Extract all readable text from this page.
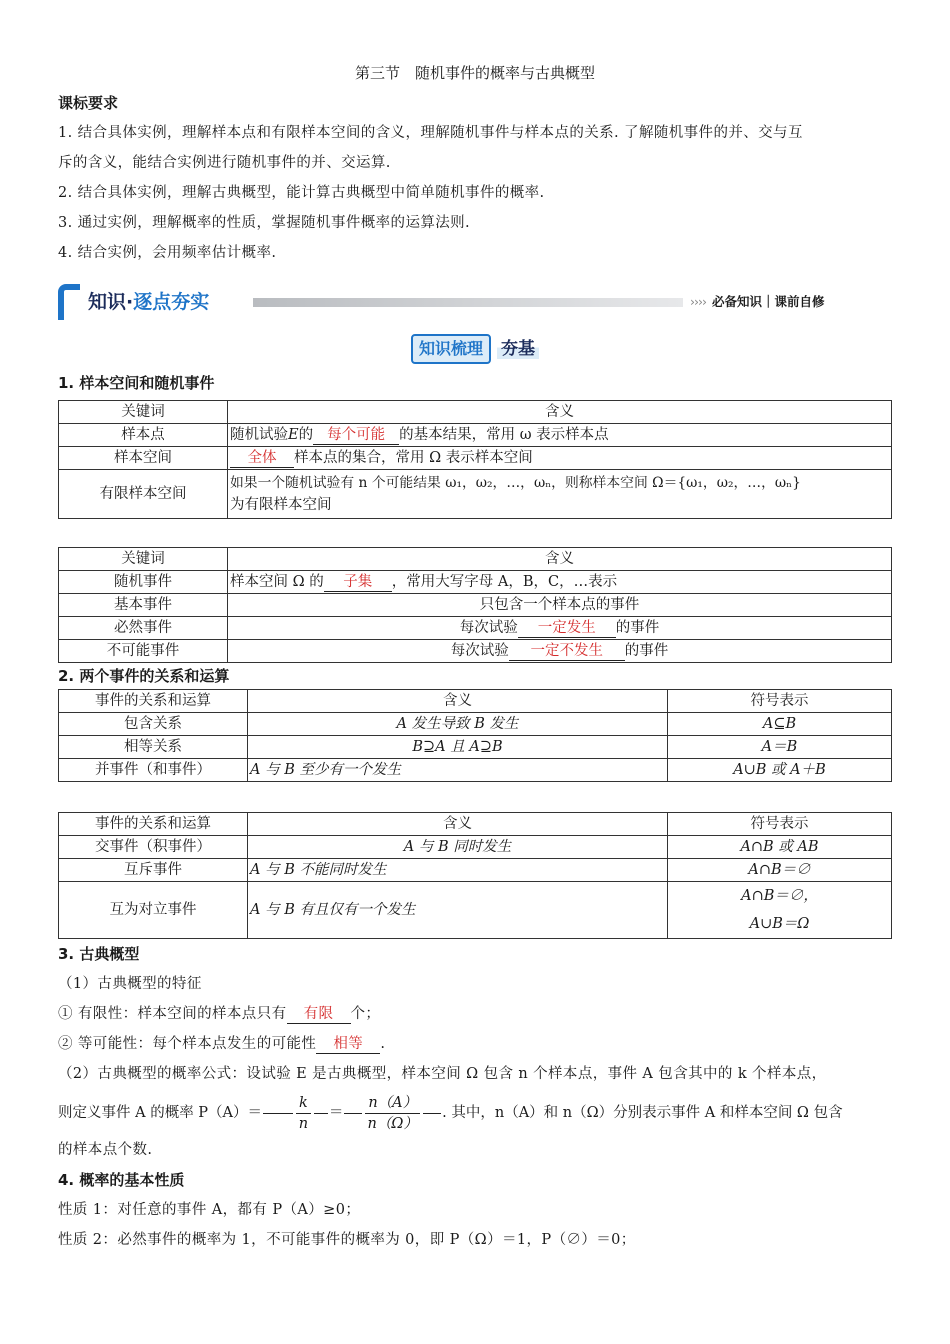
第三节　随机事件的概率与古典概型
课标要求
1. 结合具体实例，理解样本点和有限样本空间的含义，理解随机事件与样本点的关系. 了解随机事件的并、交与互
斥的含义，能结合实例进行随机事件的并、交运算.
2. 结合具体实例，理解古典概型，能计算古典概型中简单随机事件的概率.
3. 通过实例，理解概率的性质，掌握随机事件概率的运算法则.
4. 结合实例，会用频率估计概率.
知识·逐点夯实	›››› 必备知识｜课前自修
知识梳理 夯基
1. 样本空间和随机事件
关键词	含义
样本点	随机试验E的 每个可能 的基本结果，常用 ω 表示样本点
样本空间	全体 样本点的集合，常用 Ω 表示样本空间
有限样本空间	如果一个随机试验有 n 个可能结果 ω₁，ω₂，…，ωₙ，则称样本空间 Ω＝{ω₁，ω₂，…，ωₙ}
为有限样本空间
关键词	含义
随机事件	样本空间 Ω 的 子集 ，常用大写字母 A，B，C，…表示
基本事件	只包含一个样本点的事件
必然事件	每次试验 一定发生 的事件
不可能事件	每次试验 一定不发生 的事件
2. 两个事件的关系和运算
事件的关系和运算	含义	符号表示
包含关系	A 发生导致 B 发生	A⊆B
相等关系	B⊇A 且 A⊇B	A＝B
并事件（和事件）	A 与 B 至少有一个发生	A∪B 或 A＋B
事件的关系和运算	含义	符号表示
交事件（积事件）	A 与 B 同时发生	A∩B 或 AB
互斥事件	A 与 B 不能同时发生	A∩B＝∅
互为对立事件	A 与 B 有且仅有一个发生	A∩B＝∅，
A∪B＝Ω
3. 古典概型
（1）古典概型的特征
① 有限性：样本空间的样本点只有 有限 个；
② 等可能性：每个样本点发生的可能性 相等 .
（2）古典概型的概率公式：设试验 E 是古典概型，样本空间 Ω 包含 n 个样本点，事件 A 包含其中的 k 个样本点，
则定义事件 A 的概率 $P(A)= \frac{k}{n} = \frac{n(A)}{n(\Omega)}$ . 其中，n（A）和 n（Ω）分别表示事件 A 和样本空间 Ω 包含
的样本点个数.
4. 概率的基本性质
性质 1：对任意的事件 A，都有 P（A）≥0；
性质 2：必然事件的概率为 1，不可能事件的概率为 0，即 P（Ω）＝1，P（∅）＝0；
